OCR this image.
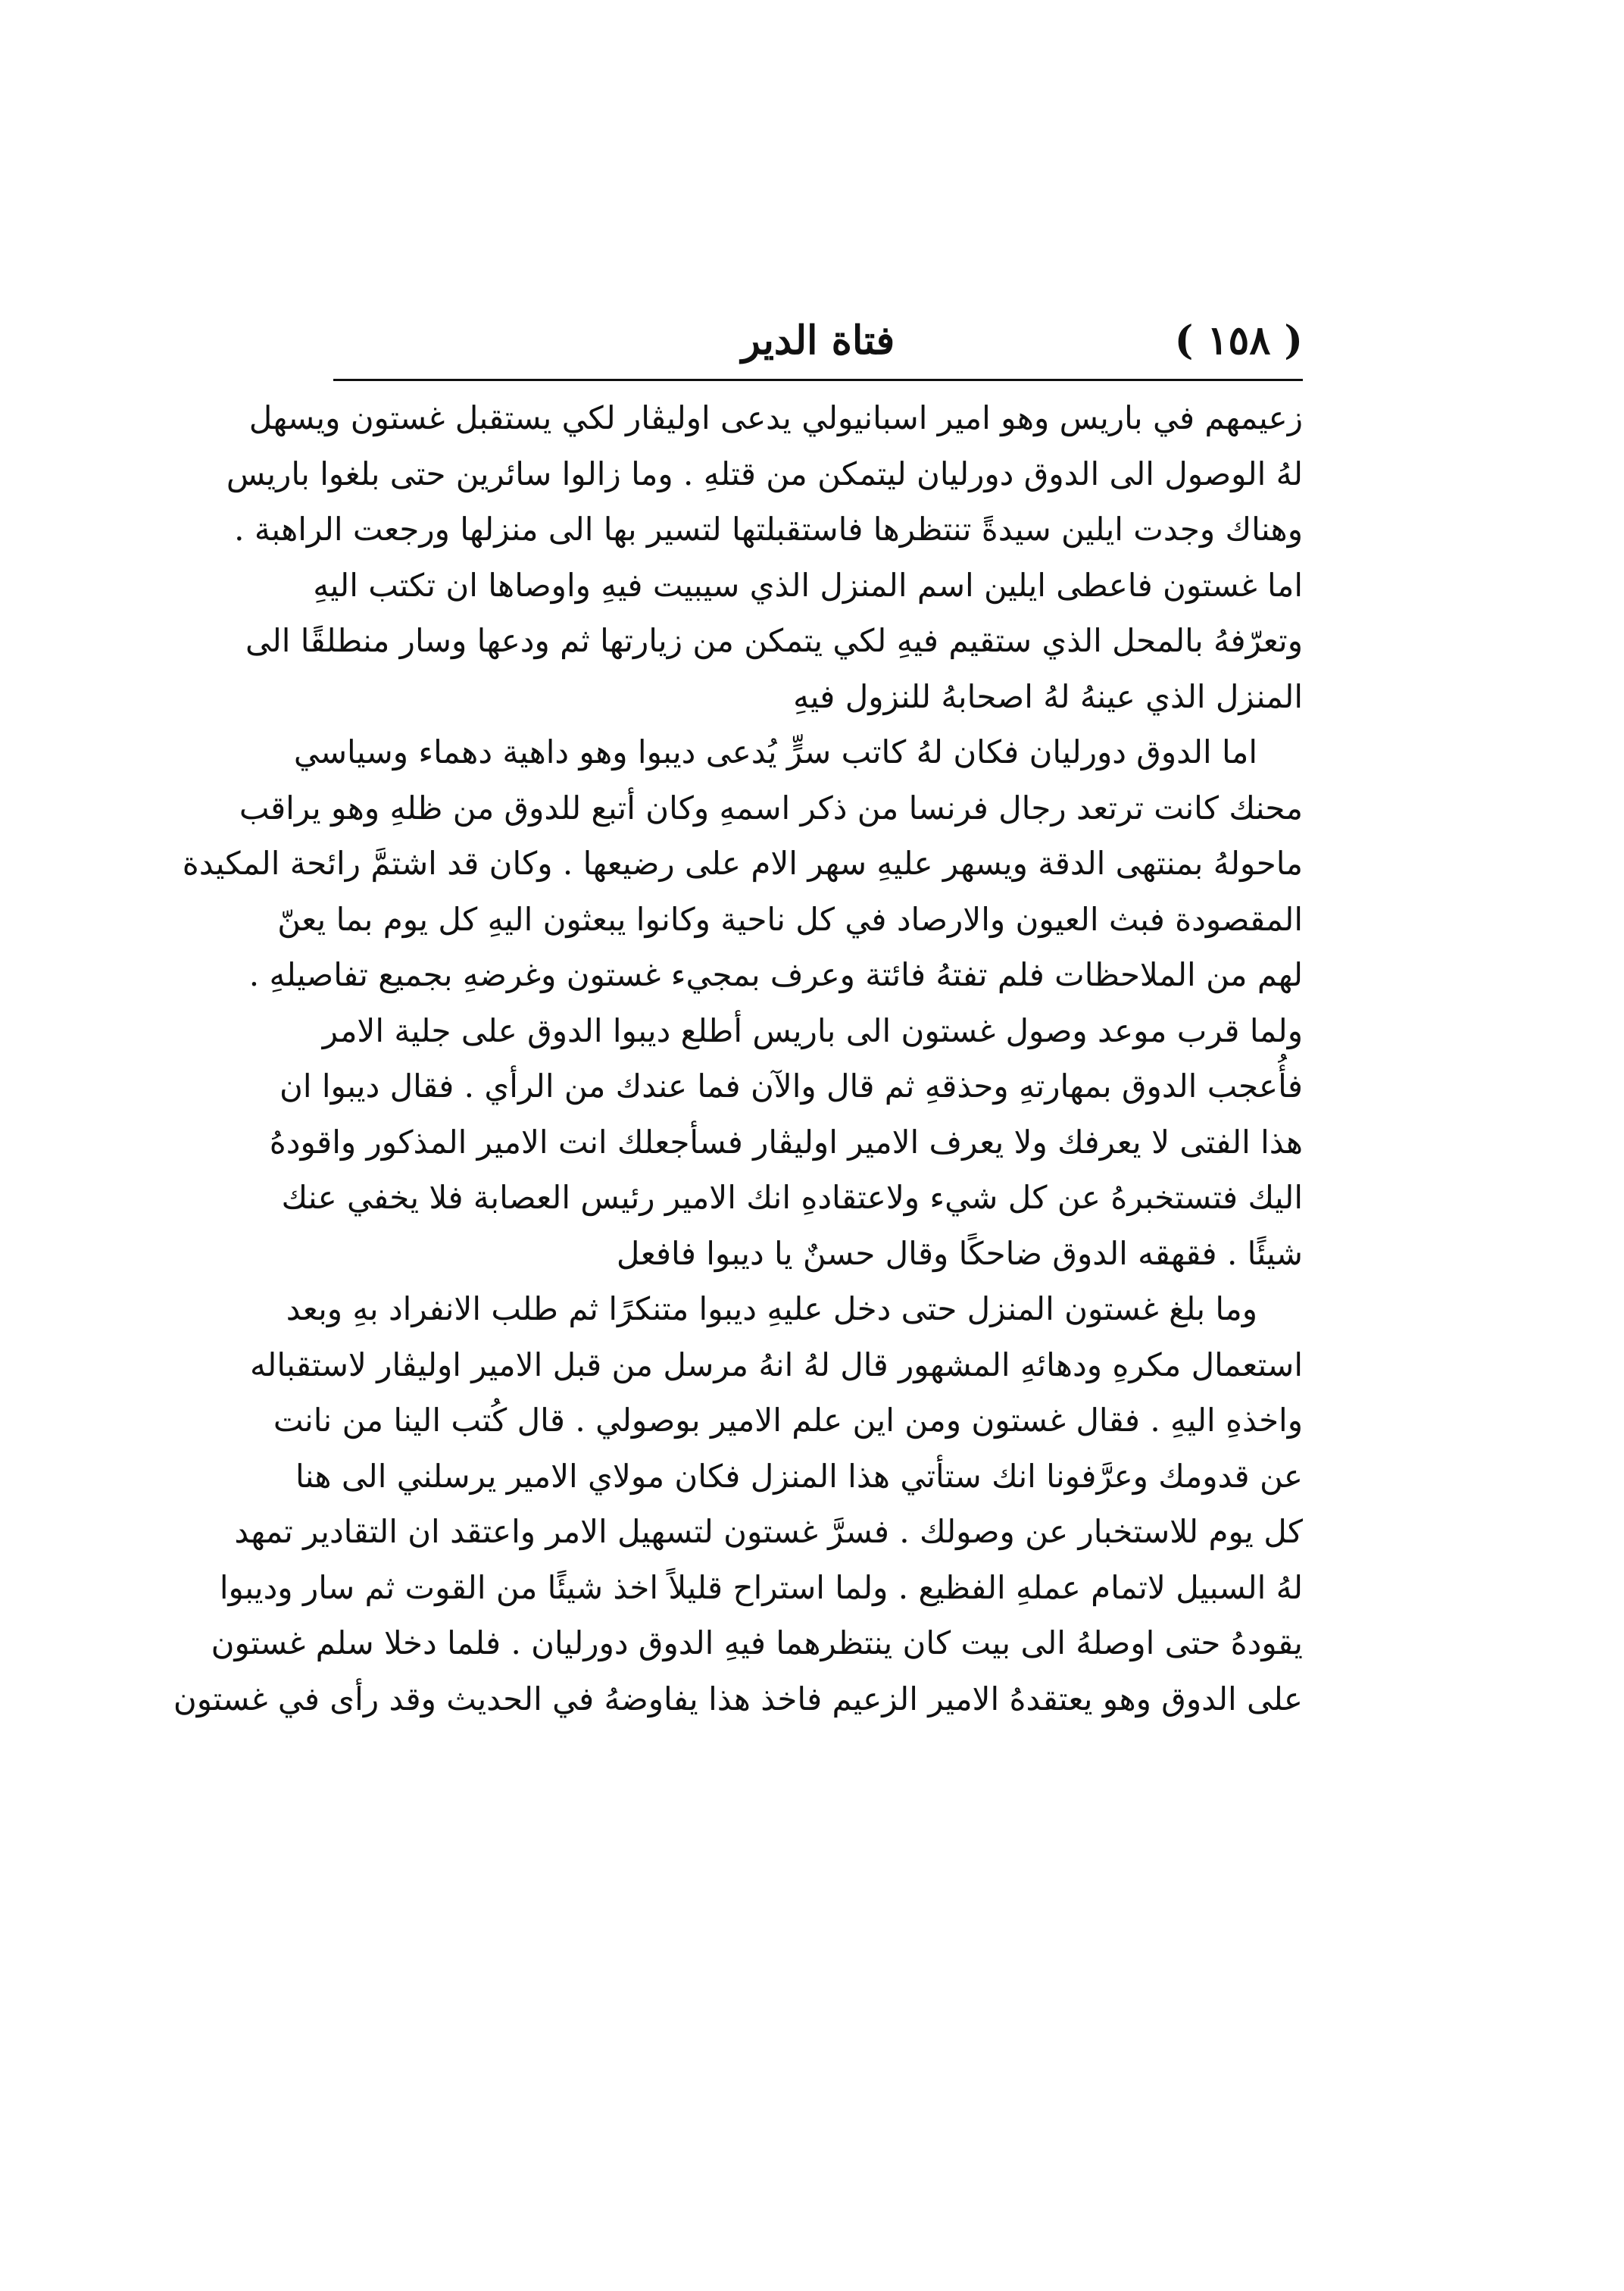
( ١٥٨ )
فتاة الدير
زعيمهم في باريس وهو امير اسبانيولي يدعى اوليڤار لكي يستقبل غستون ويسهل
لهُ الوصول الى الدوق دورليان ليتمكن من قتلهِ . وما زالوا سائرين حتى بلغوا باريس
وهناك وجدت ايلين سيدةً تنتظرها فاستقبلتها لتسير بها الى منزلها ورجعت الراهبة .
اما غستون فاعطى ايلين اسم المنزل الذي سيبيت فيهِ واوصاها ان تكتب اليهِ
وتعرّفهُ بالمحل الذي ستقيم فيهِ لكي يتمكن من زيارتها ثم ودعها وسار منطلقًا الى
المنزل الذي عينهُ لهُ اصحابهُ للنزول فيهِ
اما الدوق دورليان فكان لهُ كاتب سرٍّ يُدعى ديبوا وهو داهية دهماء وسياسي
محنك كانت ترتعد رجال فرنسا من ذكر اسمهِ وكان أتبع للدوق من ظلهِ وهو يراقب
ماحولهُ بمنتهى الدقة ويسهر عليهِ سهر الام على رضيعها . وكان قد اشتمَّ رائحة المكيدة
المقصودة فبث العيون والارصاد في كل ناحية وكانوا يبعثون اليهِ كل يوم بما يعنّ
لهم من الملاحظات فلم تفتهُ فائتة وعرف بمجيء غستون وغرضهِ بجميع تفاصيلهِ .
ولما قرب موعد وصول غستون الى باريس أطلع ديبوا الدوق على جلية الامر
فأُعجب الدوق بمهارتهِ وحذقهِ ثم قال والآن فما عندك من الرأي . فقال ديبوا ان
هذا الفتى لا يعرفك ولا يعرف الامير اوليڤار فسأجعلك انت الامير المذكور واقودهُ
اليك فتستخبرهُ عن كل شيء ولاعتقادهِ انك الامير رئيس العصابة فلا يخفي عنك
شيئًا . فقهقه الدوق ضاحكًا وقال حسنٌ يا ديبوا فافعل
وما بلغ غستون المنزل حتى دخل عليهِ ديبوا متنكرًا ثم طلب الانفراد بهِ وبعد
استعمال مكرهِ ودهائهِ المشهور قال لهُ انهُ مرسل من قبل الامير اوليڤار لاستقباله
واخذهِ اليهِ . فقال غستون ومن اين علم الامير بوصولي . قال كُتب الينا من نانت
عن قدومك وعرَّفونا انك ستأتي هذا المنزل فكان مولاي الامير يرسلني الى هنا
كل يوم للاستخبار عن وصولك . فسرَّ غستون لتسهيل الامر واعتقد ان التقادير تمهد
لهُ السبيل لاتمام عملهِ الفظيع . ولما استراح قليلاً اخذ شيئًا من القوت ثم سار وديبوا
يقودهُ حتى اوصلهُ الى بيت كان ينتظرهما فيهِ الدوق دورليان . فلما دخلا سلم غستون
على الدوق وهو يعتقدهُ الامير الزعيم فاخذ هذا يفاوضهُ في الحديث وقد رأى في غستون
